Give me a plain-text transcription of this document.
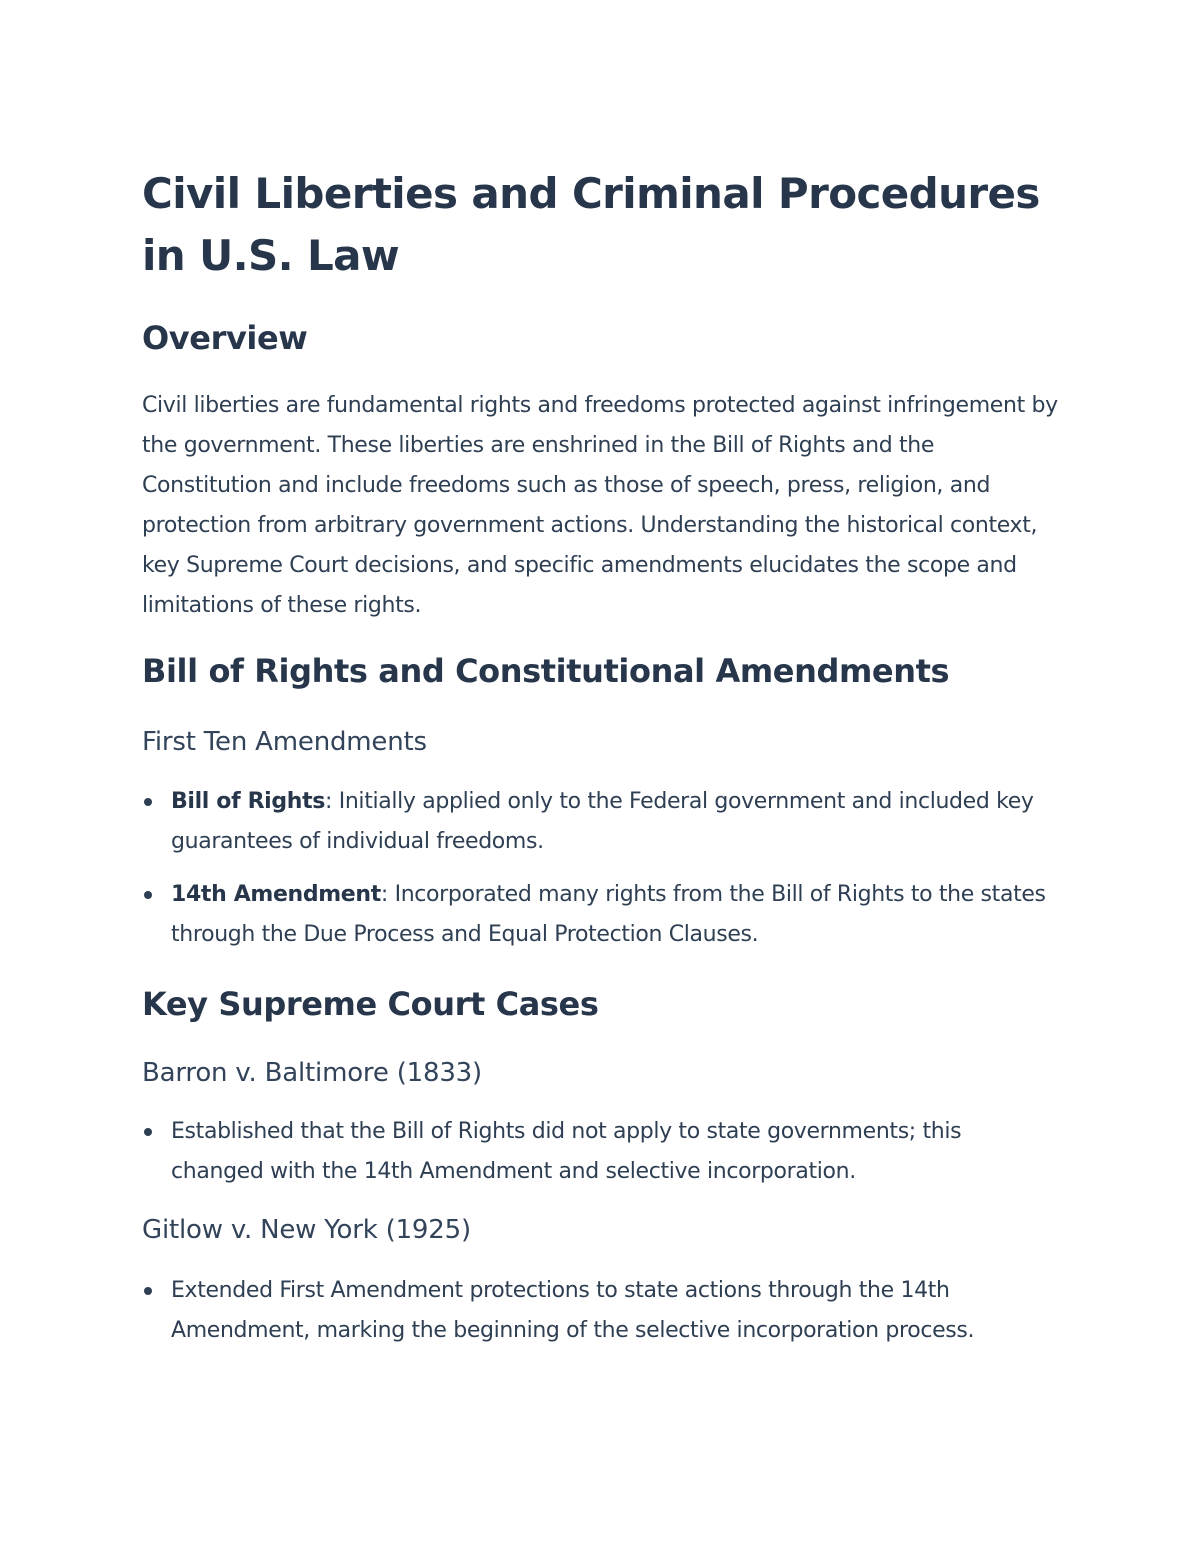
Civil Liberties and Criminal Procedures in U.S. Law
Overview

Civil liberties are fundamental rights and freedoms protected against infringement by the government. These liberties are enshrined in the Bill of Rights and the Constitution and include freedoms such as those of speech, press, religion, and protection from arbitrary government actions. Understanding the historical context, key Supreme Court decisions, and specific amendments elucidates the scope and limitations of these rights.

Bill of Rights and Constitutional Amendments
First Ten Amendments
Bill of Rights: Initially applied only to the Federal government and included key guarantees of individual freedoms.
14th Amendment: Incorporated many rights from the Bill of Rights to the states through the Due Process and Equal Protection Clauses.
Key Supreme Court Cases
Barron v. Baltimore (1833)
Established that the Bill of Rights did not apply to state governments; this changed with the 14th Amendment and selective incorporation.
Gitlow v. New York (1925)
Extended First Amendment protections to state actions through the 14th Amendment, marking the beginning of the selective incorporation process.
